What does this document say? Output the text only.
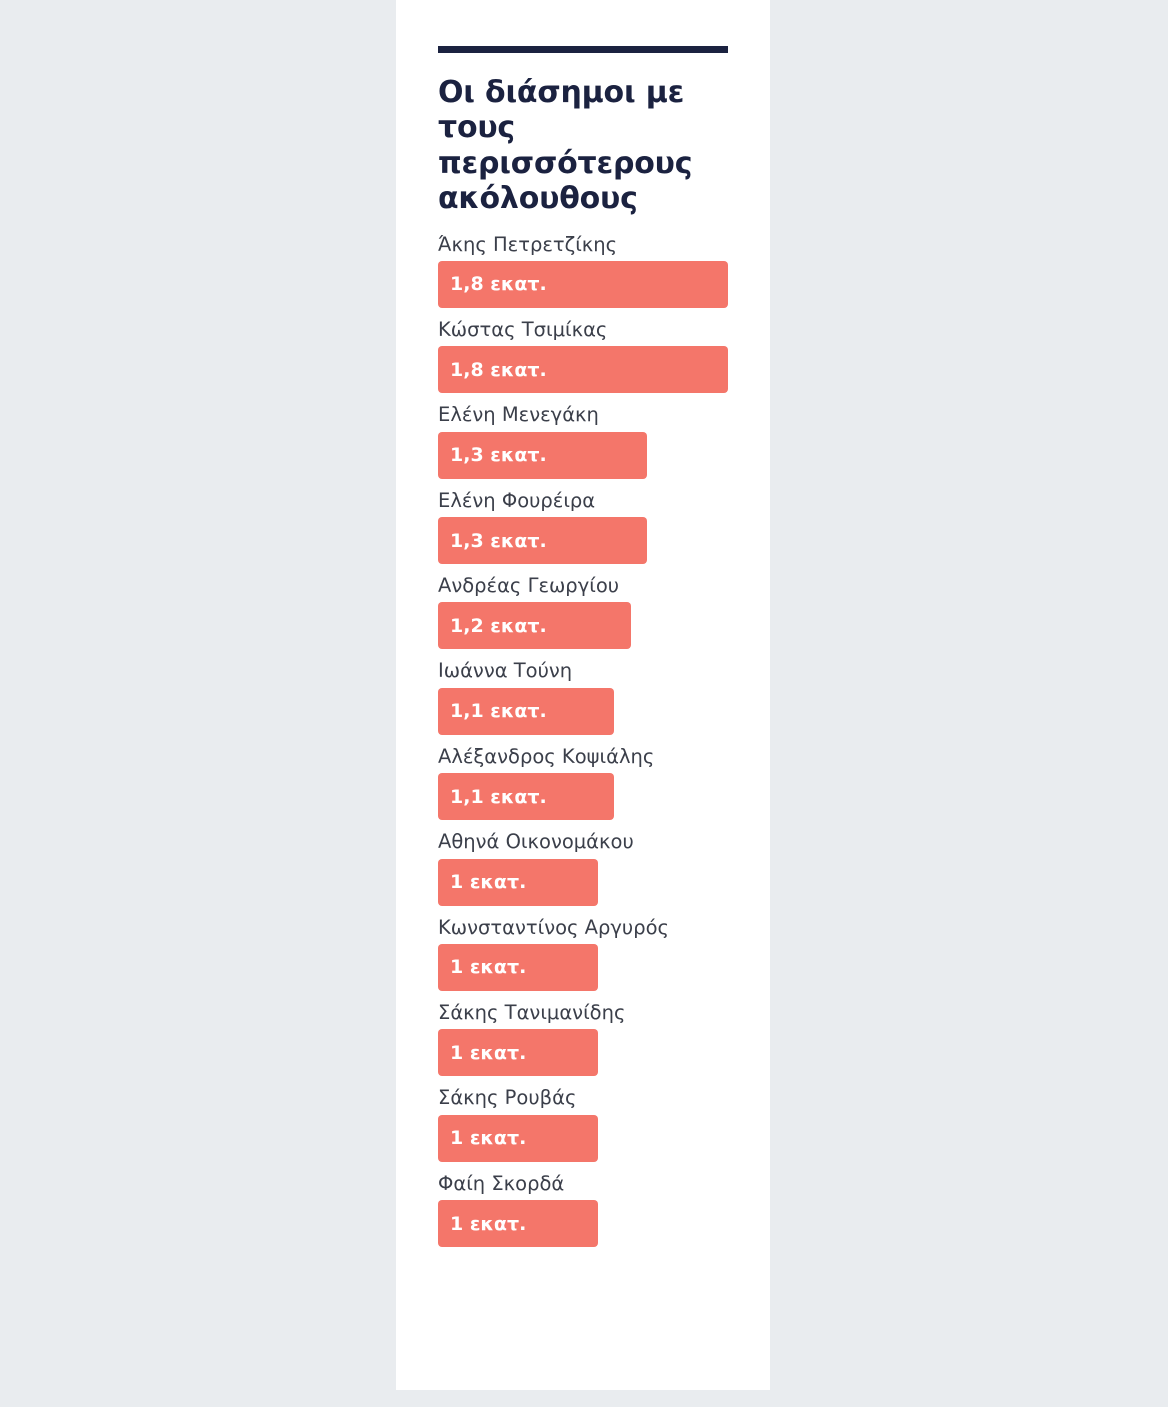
Οι διάσημοι με τους περισσότερους ακόλουθους
Άκης Πετρετζίκης
1,8 εκατ.
Κώστας Τσιμίκας
1,8 εκατ.
Ελένη Μενεγάκη
1,3 εκατ.
Ελένη Φουρέιρα
1,3 εκατ.
Ανδρέας Γεωργίου
1,2 εκατ.
Ιωάννα Τούνη
1,1 εκατ.
Αλέξανδρος Κοψιάλης
1,1 εκατ.
Αθηνά Οικονομάκου
1 εκατ.
Κωνσταντίνος Αργυρός
1 εκατ.
Σάκης Τανιμανίδης
1 εκατ.
Σάκης Ρουβάς
1 εκατ.
Φαίη Σκορδά
1 εκατ.
